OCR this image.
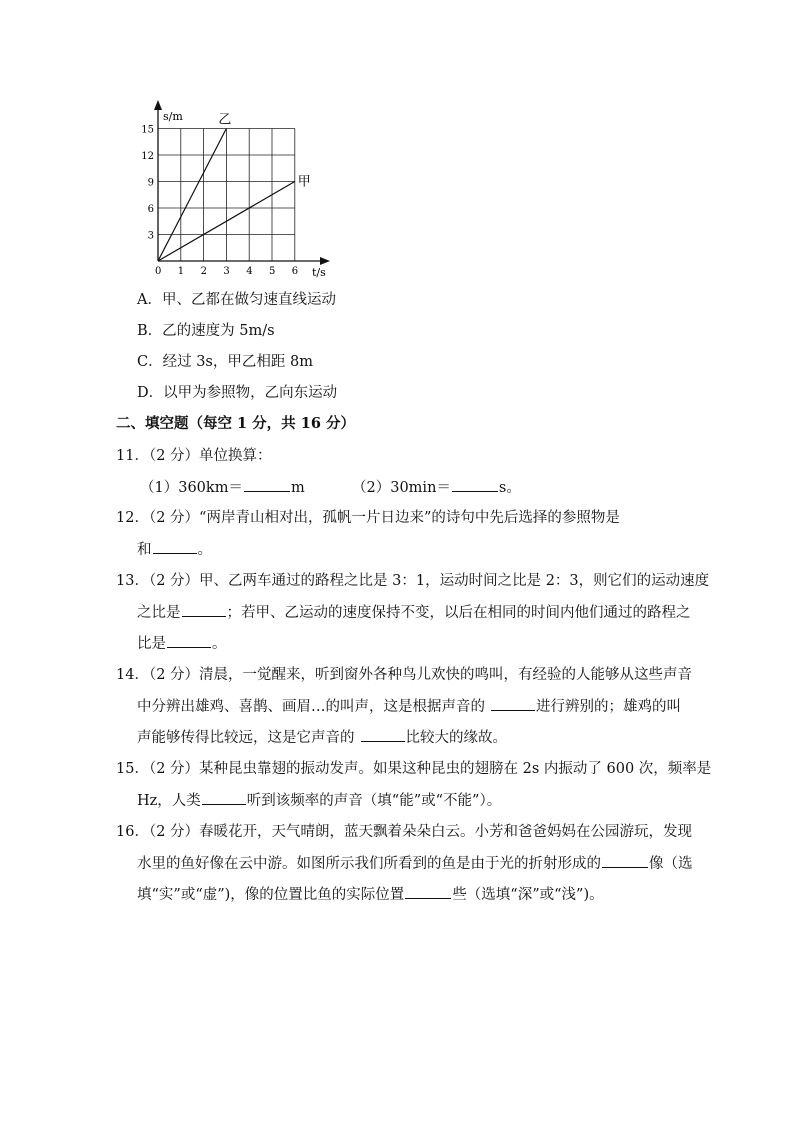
甲
乙
0 1 2 3 4 5 6
3
6
9
12
15
s/m
t/s
A．甲、乙都在做匀速直线运动
B．乙的速度为 5m/s
C．经过 3s，甲乙相距 8m
D．以甲为参照物，乙向东运动
二、填空题（每空 1 分，共 16 分）
11．（2 分）单位换算：
（1）360km＝	m	（2）30min＝	s。
12．（2 分）“两岸青山相对出，孤帆一片日边来”的诗句中先后选择的参照物是
和	。
13．（2 分）甲、乙两车通过的路程之比是 3：1，运动时间之比是 2：3，则它们的运动速度
之比是	；若甲、乙运动的速度保持不变，以后在相同的时间内他们通过的路程之
比是	。
14．（2 分）清晨，一觉醒来，听到窗外各种鸟儿欢快的鸣叫，有经验的人能够从这些声音
中分辨出雄鸡、喜鹊、画眉…的叫声，这是根据声音的	进行辨别的；雄鸡的叫
声能够传得比较远，这是它声音的	比较大的缘故。
15．（2 分）某种昆虫靠翅的振动发声。如果这种昆虫的翅膀在 2s 内振动了 600 次，频率是
Hz，人类	听到该频率的声音（填“能”或“不能”）。
16．（2 分）春暖花开，天气晴朗，蓝天飘着朵朵白云。小芳和爸爸妈妈在公园游玩，发现
水里的鱼好像在云中游。如图所示我们所看到的鱼是由于光的折射形成的	像（选
填“实”或“虚”)，像的位置比鱼的实际位置	些（选填“深”或“浅”)。
